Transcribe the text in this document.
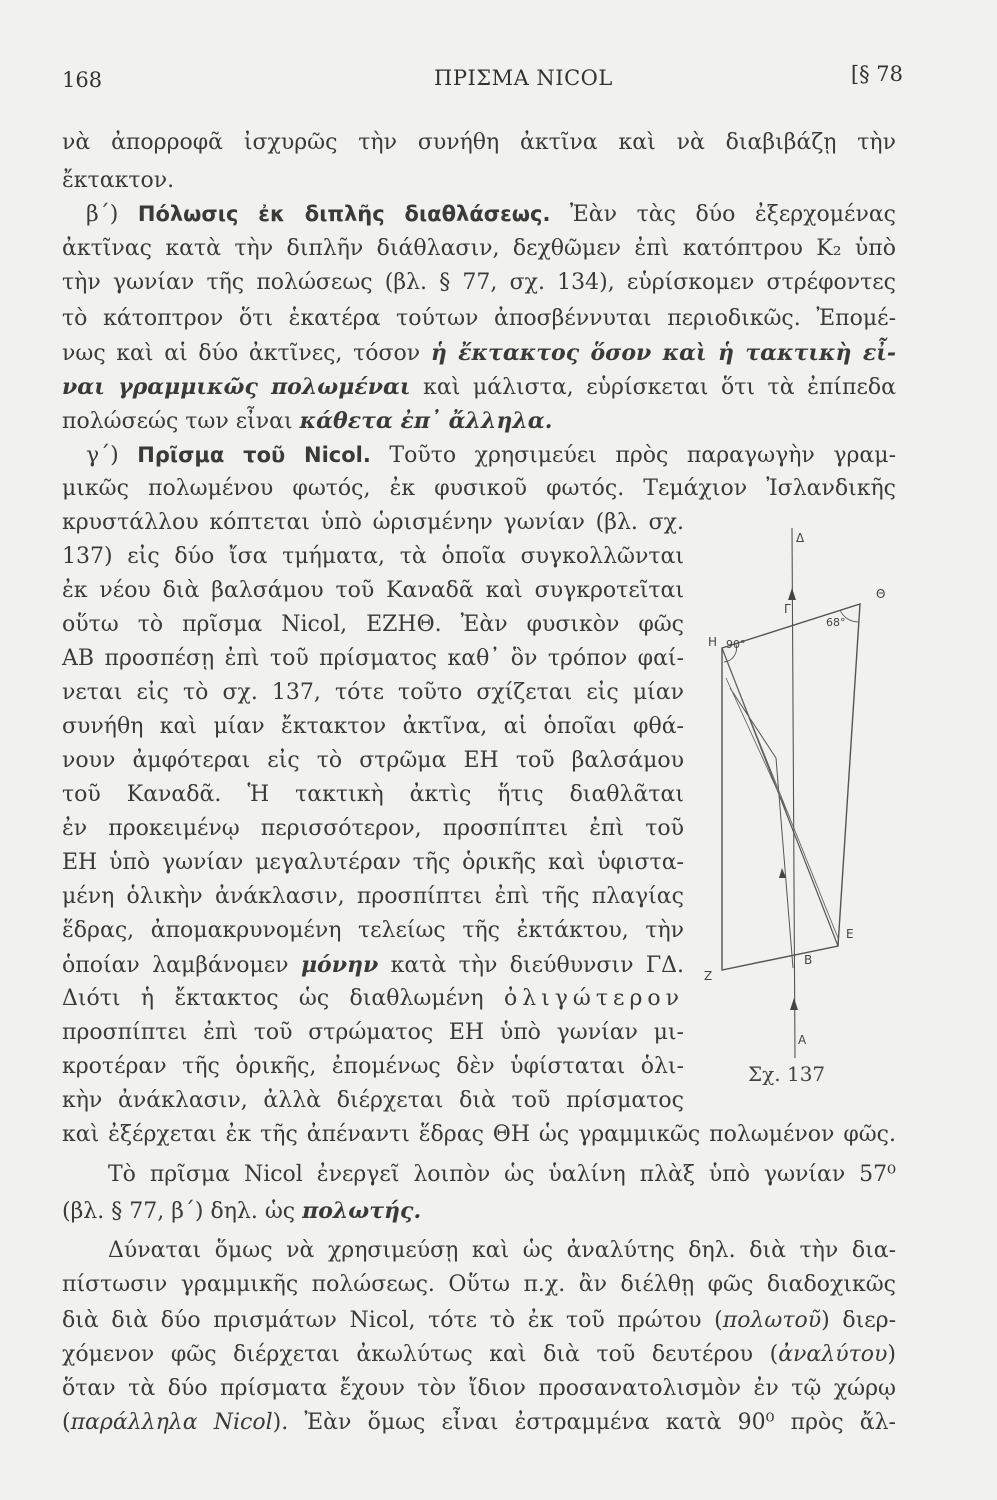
168	ΠΡΙΣΜΑ NICOL	[§ 78
νὰ ἀπορροφᾶ ἰσχυρῶς τὴν συνήθη ἀκτῖνα καὶ νὰ διαβιβάζῃ τὴν
ἔκτακτον.
β΄) Πόλωσις ἐκ διπλῆς διαθλάσεως. Ἐὰν τὰς δύο ἐξερχομένας
ἀκτῖνας κατὰ τὴν διπλῆν διάθλασιν, δεχθῶμεν ἐπὶ κατόπτρου Κ₂ ὑπὸ
τὴν γωνίαν τῆς πολώσεως (βλ. § 77, σχ. 134), εὑρίσκομεν στρέφοντες
τὸ κάτοπτρον ὅτι ἑκατέρα τούτων ἀποσβέννυται περιοδικῶς. Ἐπομέ-
νως καὶ αἱ δύο ἀκτῖνες, τόσον ἡ ἔκτακτος ὅσον καὶ ἡ τακτικὴ εἶ-
ναι γραμμικῶς πολωμέναι καὶ μάλιστα, εὑρίσκεται ὅτι τὰ ἐπίπεδα
πολώσεώς των εἶναι κάθετα ἐπ᾿ ἄλληλα.
γ΄) Πρῖσμα τοῦ Nicol. Τοῦτο χρησιμεύει πρὸς παραγωγὴν γραμ-
μικῶς πολωμένου φωτός, ἐκ φυσικοῦ φωτός. Τεμάχιον Ἰσλανδικῆς
κρυστάλλου κόπτεται ὑπὸ ὡρισμένην γωνίαν (βλ. σχ.
137) εἰς δύο ἴσα τμήματα, τὰ ὁποῖα συγκολλῶνται
ἐκ νέου διὰ βαλσάμου τοῦ Καναδᾶ καὶ συγκροτεῖται
οὕτω τὸ πρῖσμα Nicol, ΕΖΗΘ. Ἐὰν φυσικὸν φῶς
ΑΒ προσπέσῃ ἐπὶ τοῦ πρίσματος καθ᾿ ὃν τρόπον φαί-
νεται εἰς τὸ σχ. 137, τότε τοῦτο σχίζεται εἰς μίαν
συνήθη καὶ μίαν ἔκτακτον ἀκτῖνα, αἱ ὁποῖαι φθά-
νουν ἀμφότεραι εἰς τὸ στρῶμα ΕΗ τοῦ βαλσάμου
τοῦ Καναδᾶ. Ἡ τακτικὴ ἀκτὶς ἥτις διαθλᾶται
ἐν προκειμένῳ περισσότερον, προσπίπτει ἐπὶ τοῦ
ΕΗ ὑπὸ γωνίαν μεγαλυτέραν τῆς ὁρικῆς καὶ ὑφιστα-
μένη ὁλικὴν ἀνάκλασιν, προσπίπτει ἐπὶ τῆς πλαγίας
ἕδρας, ἀπομακρυνομένη τελείως τῆς ἐκτάκτου, τὴν
ὁποίαν λαμβάνομεν μόνην κατὰ τὴν διεύθυνσιν ΓΔ.
Διότι ἡ ἔκτακτος ὡς διαθλωμένη ὀλιγώτερον
προσπίπτει ἐπὶ τοῦ στρώματος ΕΗ ὑπὸ γωνίαν μι-
κροτέραν τῆς ὁρικῆς, ἐπομένως δὲν ὑφίσταται ὁλι-
κὴν ἀνάκλασιν, ἀλλὰ διέρχεται διὰ τοῦ πρίσματος
καὶ ἐξέρχεται ἐκ τῆς ἀπέναντι ἕδρας ΘΗ ὡς γραμμικῶς πολωμένον φῶς.
Τὸ πρῖσμα Nicol ἐνεργεῖ λοιπὸν ὡς ὑαλίνη πλὰξ ὑπὸ γωνίαν 57⁰
(βλ. § 77, β΄) δηλ. ὡς πολωτής.
Δύναται ὅμως νὰ χρησιμεύσῃ καὶ ὡς ἀναλύτης δηλ. διὰ τὴν δια-
πίστωσιν γραμμικῆς πολώσεως. Οὕτω π.χ. ἂν διέλθῃ φῶς διαδοχικῶς
διὰ διὰ δύο πρισμάτων Nicol, τότε τὸ ἐκ τοῦ πρώτου (πολωτοῦ) διερ-
χόμενον φῶς διέρχεται ἀκωλύτως καὶ διὰ τοῦ δευτέρου (ἀναλύτου)
ὅταν τὰ δύο πρίσματα ἔχουν τὸν ἴδιον προσανατολισμὸν ἐν τῷ χώρῳ
(παράλληλα Nicol). Ἐὰν ὅμως εἶναι ἐστραμμένα κατὰ 90⁰ πρὸς ἄλ-
Δ
Θ
Γ
68°
Η 90°
Ε
Β
Ζ
Α
Σχ. 137
